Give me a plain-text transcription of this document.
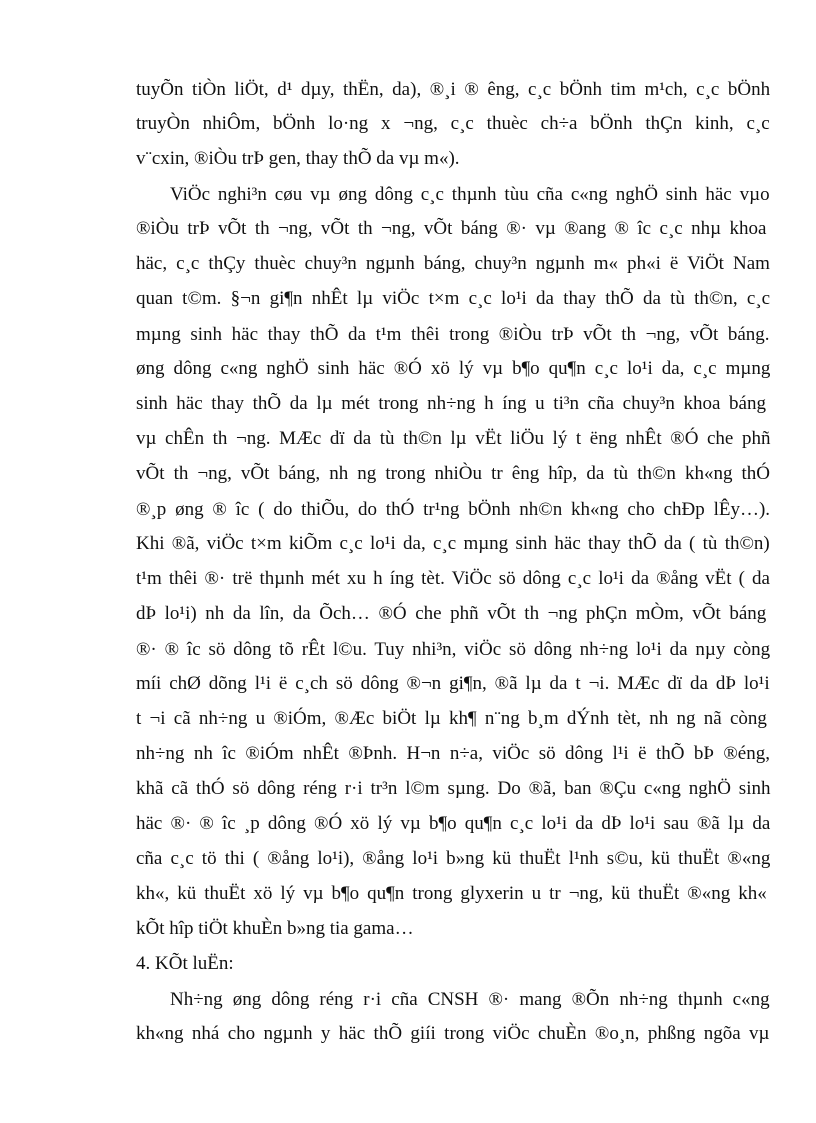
tuyÕn tiÒn liÖt, d¹ dµy, thËn, da), ®¸i ® êng, c¸c bÖnh tim m¹ch, c¸c bÖnh
truyÒn nhiÔm, bÖnh lo·ng x ¬ng, c¸c thuèc ch÷a bÖnh thÇn kinh, c¸c
v¨cxin, ®iÒu trÞ gen, thay thÕ da vµ m«).
ViÖc nghi³n cøu vµ øng dông c¸c thµnh tùu cña c«ng nghÖ sinh häc vµo
®iÒu trÞ vÕt th ¬ng, vÕt th ¬ng, vÕt báng ®· vµ ®ang ® îc c¸c nhµ khoa
häc, c¸c thÇy thuèc chuy³n ngµnh báng, chuy³n ngµnh m« ph«i ë ViÖt Nam
quan t©m. §¬n gi¶n nhÊt lµ viÖc t×m c¸c lo¹i da thay thÕ da tù th©n, c¸c
mµng sinh häc thay thÕ da t¹m thêi trong ®iÒu trÞ vÕt th ¬ng, vÕt báng.
øng dông c«ng nghÖ sinh häc ®Ó xö lý vµ b¶o qu¶n c¸c lo¹i da, c¸c mµng
sinh häc thay thÕ da lµ mét trong nh÷ng h íng u ti³n cña chuy³n khoa báng
vµ chÊn th ¬ng. MÆc dï da tù th©n lµ vËt liÖu lý t ëng nhÊt ®Ó che phñ
vÕt th ¬ng, vÕt báng, nh ng trong nhiÒu tr êng hîp, da tù th©n kh«ng thÓ
®¸p øng ® îc ( do thiÕu, do thÓ tr¹ng bÖnh nh©n kh«ng cho chÐp lÊy…).
Khi ®ã, viÖc t×m kiÕm c¸c lo¹i da, c¸c mµng sinh häc thay thÕ da ( tù th©n)
t¹m thêi ®· trë thµnh mét xu h íng tèt. ViÖc sö dông c¸c lo¹i da ®ång vËt ( da
dÞ lo¹i) nh da lîn, da Õch… ®Ó che phñ vÕt th ¬ng phÇn mÒm, vÕt báng
®· ® îc sö dông tõ rÊt l©u. Tuy nhi³n, viÖc sö dông nh÷ng lo¹i da nµy còng
míi chØ dõng l¹i ë c¸ch sö dông ®¬n gi¶n, ®ã lµ da t ¬i. MÆc dï da dÞ lo¹i
t ¬i cã nh÷ng u ®iÓm, ®Æc biÖt lµ kh¶ n¨ng b¸m dÝnh tèt, nh ng nã còng
nh÷ng nh îc ®iÓm nhÊt ®Þnh. H¬n n÷a, viÖc sö dông l¹i ë thÕ bÞ ®éng,
khã cã thÓ sö dông réng r·i tr³n l©m sµng. Do ®ã, ban ®Çu c«ng nghÖ sinh
häc ®· ® îc ¸p dông ®Ó xö lý vµ b¶o qu¶n c¸c lo¹i da dÞ lo¹i sau ®ã lµ da
cña c¸c tö thi ( ®ång lo¹i), ®ång lo¹i b»ng kü thuËt l¹nh s©u, kü thuËt ®«ng
kh«, kü thuËt xö lý vµ b¶o qu¶n trong glyxerin u tr ¬ng, kü thuËt ®«ng kh«
kÕt hîp tiÖt khuÈn b»ng tia gama…
4. KÕt luËn:
Nh÷ng øng dông réng r·i cña CNSH ®· mang ®Õn nh÷ng thµnh c«ng
kh«ng nhá cho ngµnh y häc thÕ giíi trong viÖc chuÈn ®o¸n, phßng ngõa vµ
